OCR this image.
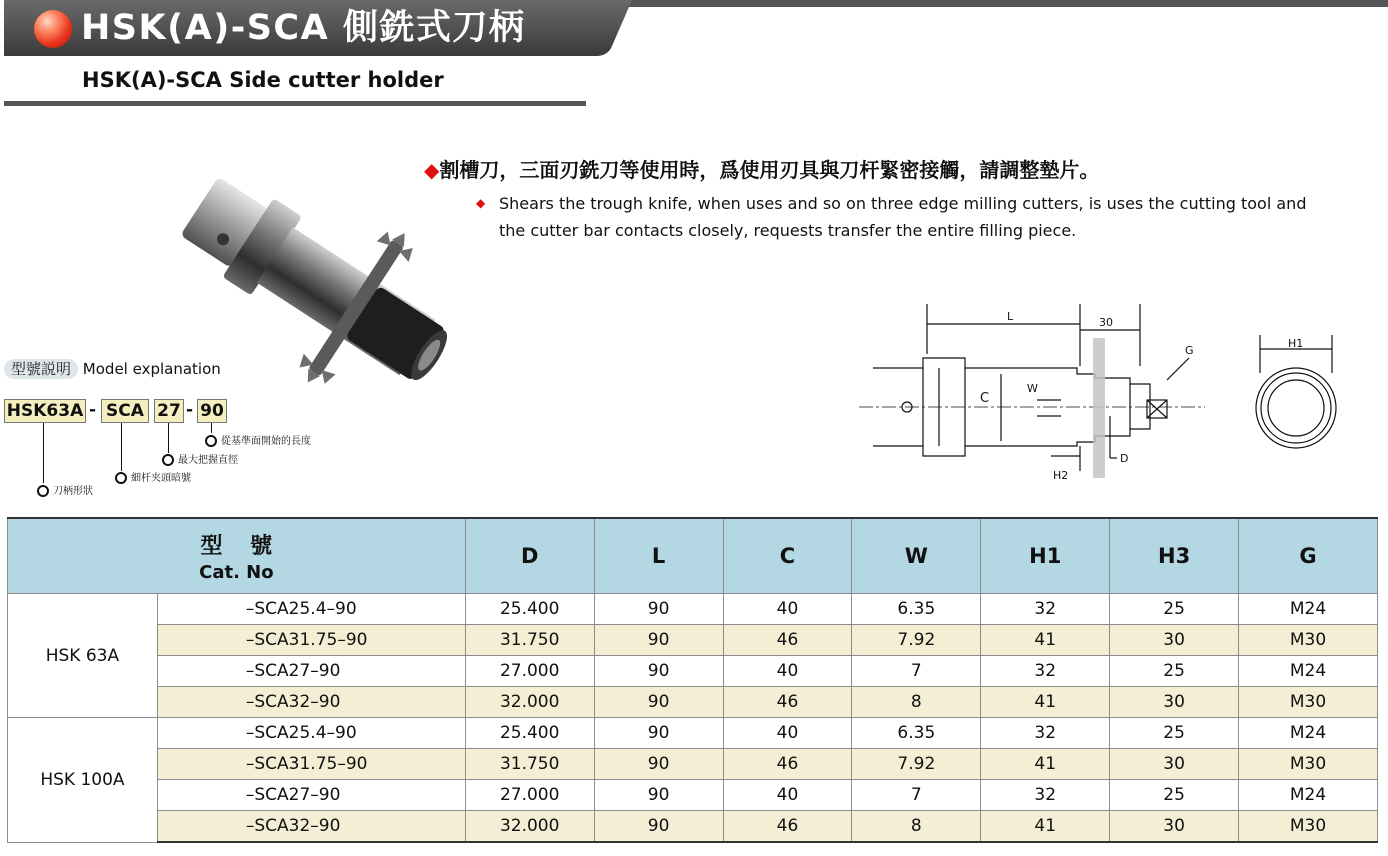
HSK(A)-SCA 側銑式刀柄
HSK(A)-SCA Side cutter holder
◆割槽刀，三面刃銑刀等使用時，爲使用刃具與刀杆緊密接觸，請調整墊片。
◆ Shears the trough knife, when uses and so on three edge milling cutters, is uses the cutting tool and the cutter bar contacts closely, requests transfer the entire filling piece.
型號説明 Model explanation
HSK63A - SCA 27 - 90
刀柄形狀
細杆夹頭暗號
最大把握直徑
從基準面開始的長度
L	30
G
C
W
D
H2
H1
型 號
Cat. No		D	L	C	W	H1	H3	G
HSK 63A	–SCA25.4–90	25.400	90	40	6.35	32	25	M24
	–SCA31.75–90	31.750	90	46	7.92	41	30	M30
	–SCA27–90	27.000	90	40	7	32	25	M24
	–SCA32–90	32.000	90	46	8	41	30	M30
HSK 100A	–SCA25.4–90	25.400	90	40	6.35	32	25	M24
	–SCA31.75–90	31.750	90	46	7.92	41	30	M30
	–SCA27–90	27.000	90	40	7	32	25	M24
	–SCA32–90	32.000	90	46	8	41	30	M30
